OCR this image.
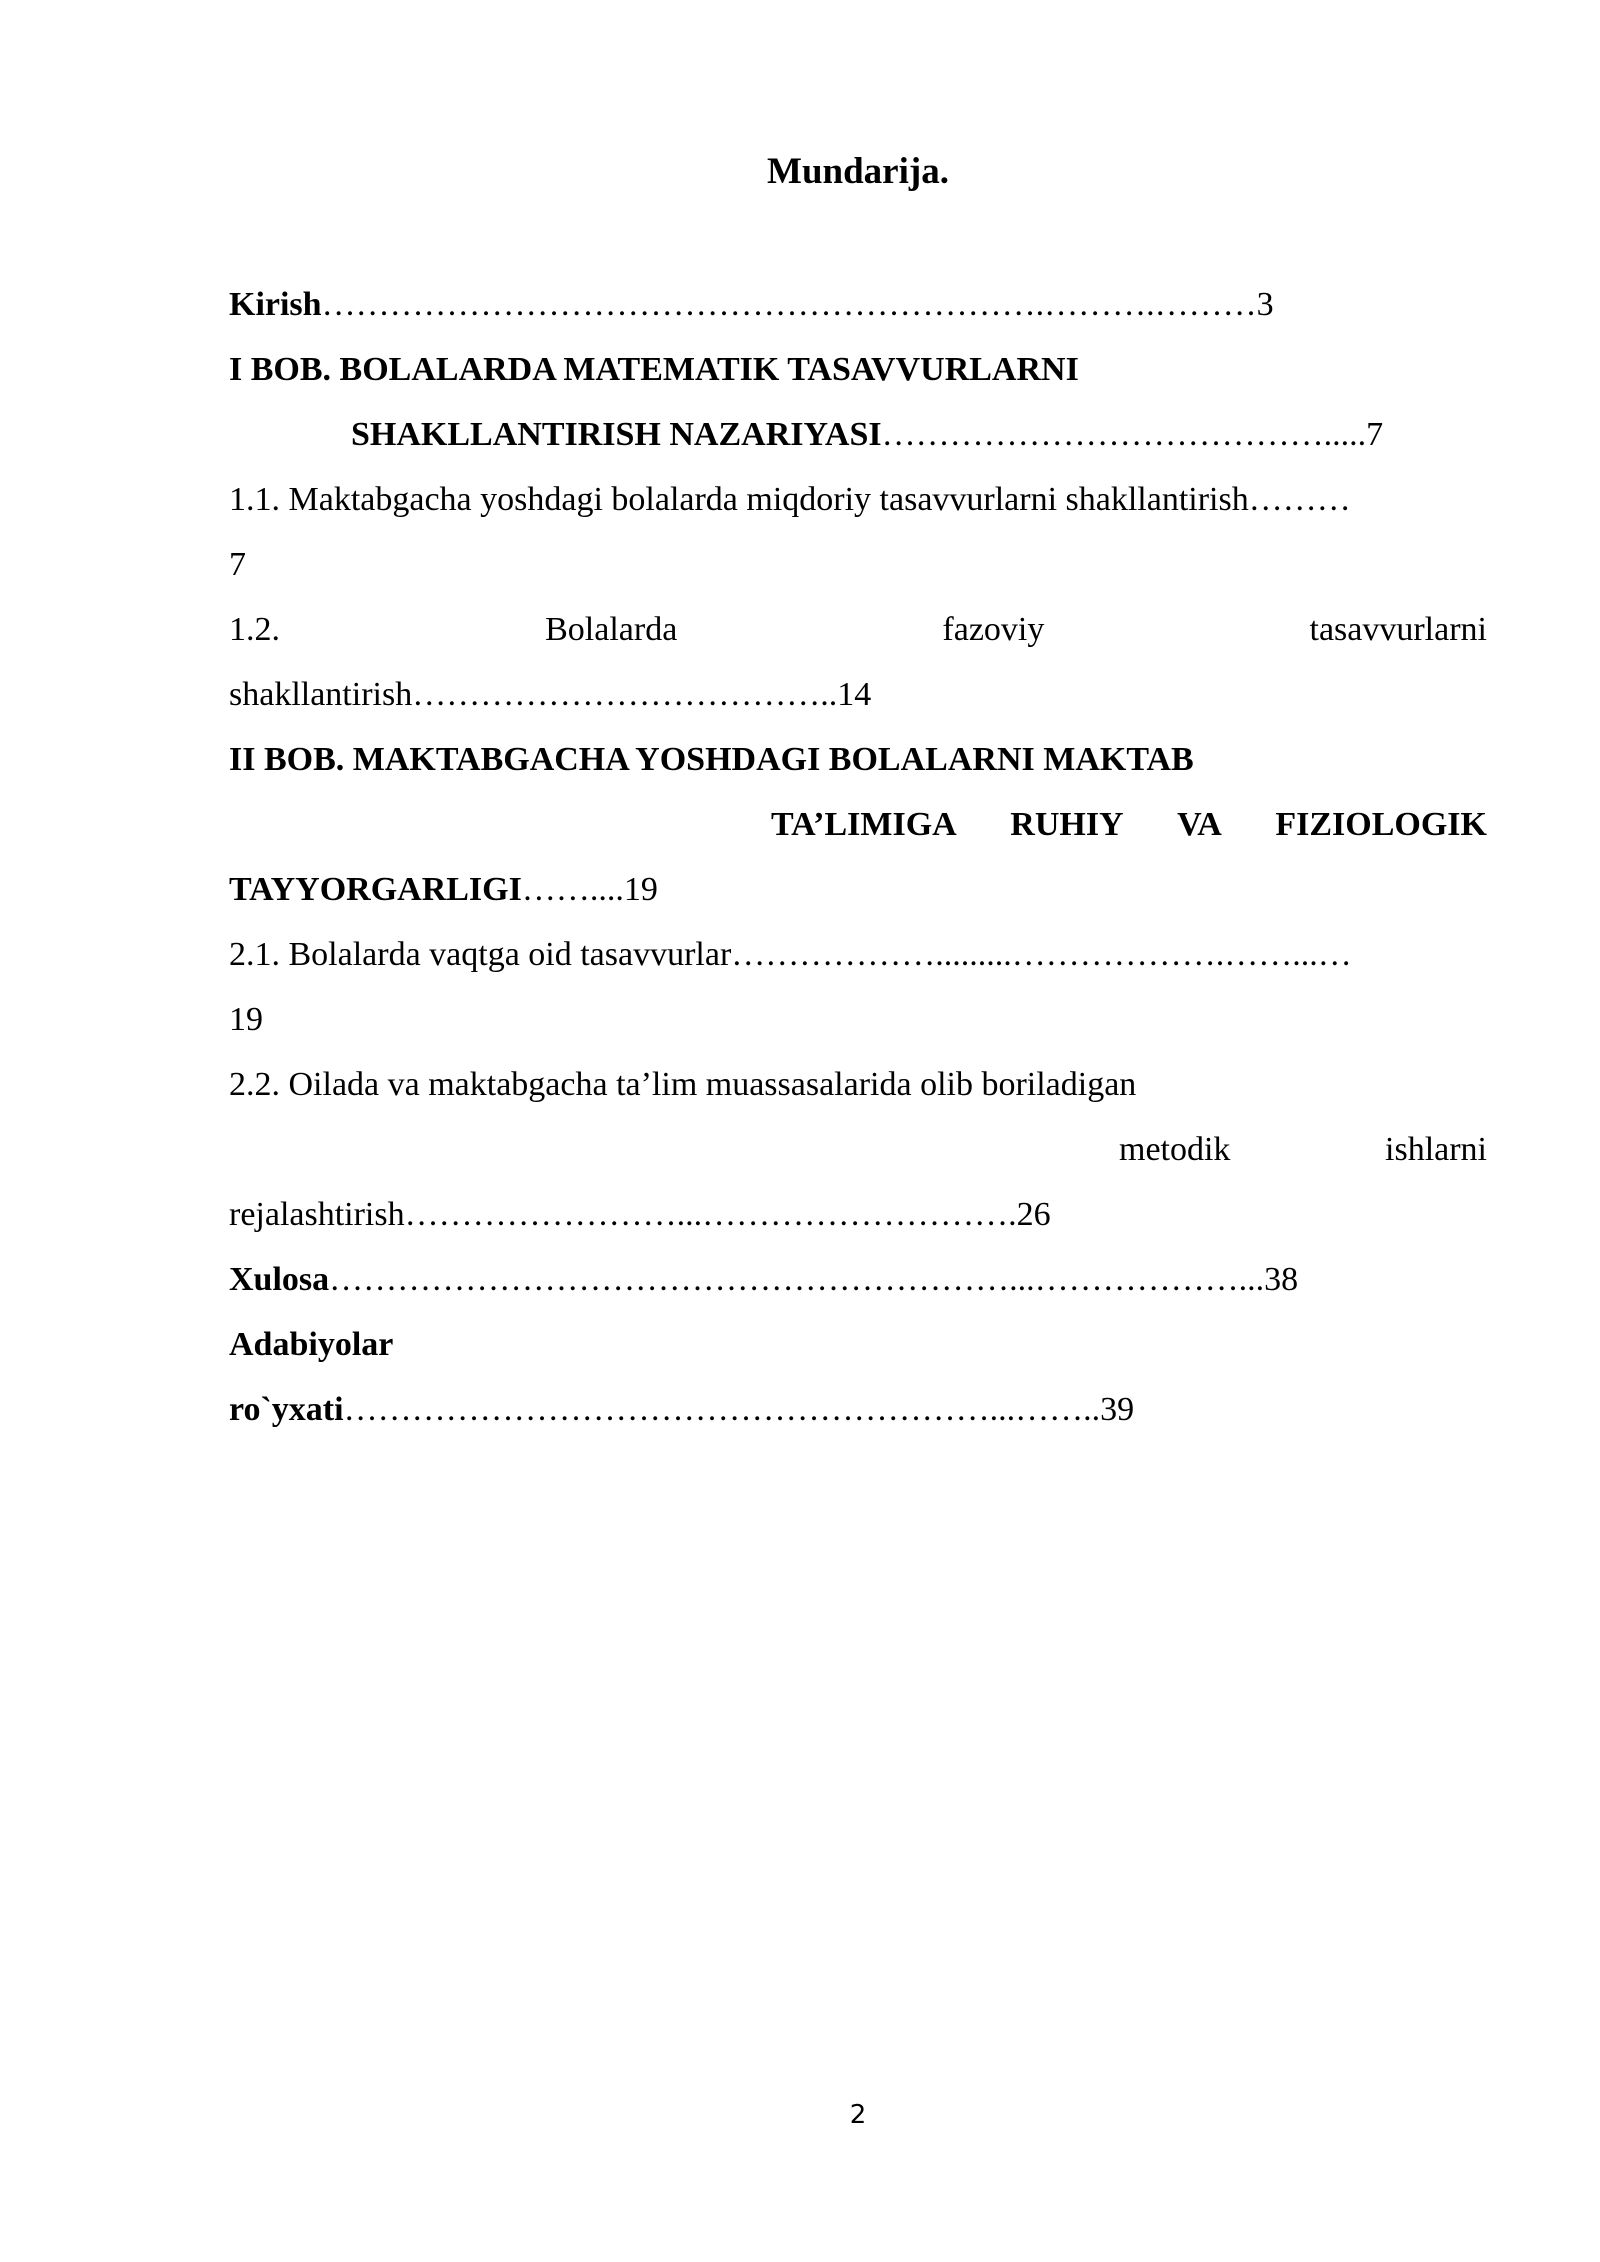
Mundarija.
Kirish……………………………………………………….……….………3
I BOB. BOLALARDA MATEMATIK TASAVVURLARNI
SHAKLLANTIRISH NAZARIYASI………………………………….....7
1.1. Maktabgacha yoshdagi bolalarda miqdoriy tasavvurlarni shakllantirish………
7
1.2.	Bolalarda	fazoviy	tasavvurlarni
shakllantirish………………………………..14
II BOB. MAKTABGACHA YOSHDAGI BOLALARNI MAKTAB
TA’LIMIGA RUHIY VA FIZIOLOGIK
TAYYORGARLIGI……....19
2.1. Bolalarda vaqtga oid tasavvurlar……………….........……………….……...…
19
2.2. Oilada va maktabgacha ta’lim muassasalarida olib boriladigan
metodik	ishlarni
rejalashtirish……………………...……………………….26
Xulosa……………………………………………………...………………...38
Adabiyolar
ro`yxati…………………………………………………...……..39
2
